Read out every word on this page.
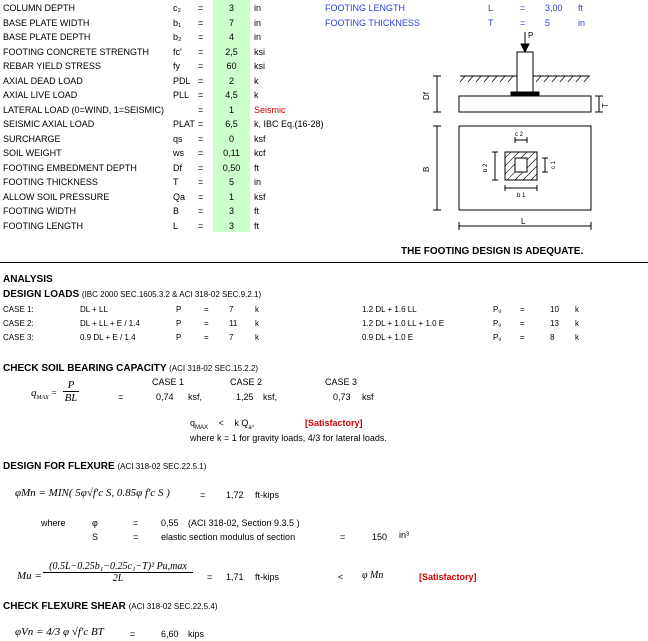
COLUMN DEPTH	c₂ =	3	in
BASE PLATE WIDTH	b₁ =	7	in
BASE PLATE DEPTH	b₂ =	4	in
FOOTING CONCRETE STRENGTH	fc' =	2,5	ksi
REBAR YIELD STRESS	fy =	60	ksi
AXIAL DEAD LOAD	PDL =	2	k
AXIAL LIVE LOAD	PLL =	4,5	k
LATERAL LOAD (0=WIND, 1=SEISMIC)	=	1	Seismic
SEISMIC AXIAL LOAD	PLAT =	6,5	k, IBC Eq.(16-28)
SURCHARGE	qs =	0	ksf
SOIL WEIGHT	ws =	0,11	kcf
FOOTING EMBEDMENT DEPTH	Df =	0,50	ft
FOOTING THICKNESS	T =	5	in
ALLOW SOIL PRESSURE	Qa =	1	ksf
FOOTING WIDTH	B =	3	ft
FOOTING LENGTH	L =	3	ft
FOOTING LENGTH	L	= 3,00 ft
FOOTING THICKNESS	T	= 5	in
P
Df
T
c 2
c 1
b 2
b 1
B
L
THE FOOTING DESIGN IS ADEQUATE.
ANALYSIS
DESIGN LOADS (IBC 2000 SEC.1605.3.2 & ACI 318-02 SEC.9.2.1)
CASE 1:	DL + LL	P	=	7	k	1.2 DL + 1.6 LL	Pᵤ =	10 k
CASE 2:	DL + LL + E / 1.4	P	=	11 k	1.2 DL + 1.0 LL + 1.0 E	Pᵤ =	13 k
CASE 3:	0.9 DL + E / 1.4	P	=	7	k	0.9 DL + 1.0 E	Pᵤ =	8	k
CHECK SOIL BEARING CAPACITY (ACI 318-02 SEC.15.2.2)
CASE 1	CASE 2	CASE 3
$q_{MAX} = \frac{P}{BL}$	=	0,74 ksf,	1,25 ksf,	0,73 ksf
$q_{MAX} < k$ $Q_a$,	[Satisfactory]
where k = 1 for gravity loads, 4/3 for lateral loads.
DESIGN FOR FLEXURE (ACI 318-02 SEC.22.5.1)
φMn = MIN( 5φ√f'c S, 0.85φ f'c S )	= 1,72 ft-kips
where	φ	=	0,55 (ACI 318-02, Section 9.3.5 )
S	=	elastic section modulus of section	=	150 in³
Mu =
(0.5L−0.25b₁−0.25c₁−T)² Pu,max
2L	= 1,71 ft-kips	< φ Mn	[Satisfactory]
CHECK FLEXURE SHEAR (ACI 318-02 SEC.22.5.4)
φVn = 4/3 φ √f'c BT	=	6,60 kips
